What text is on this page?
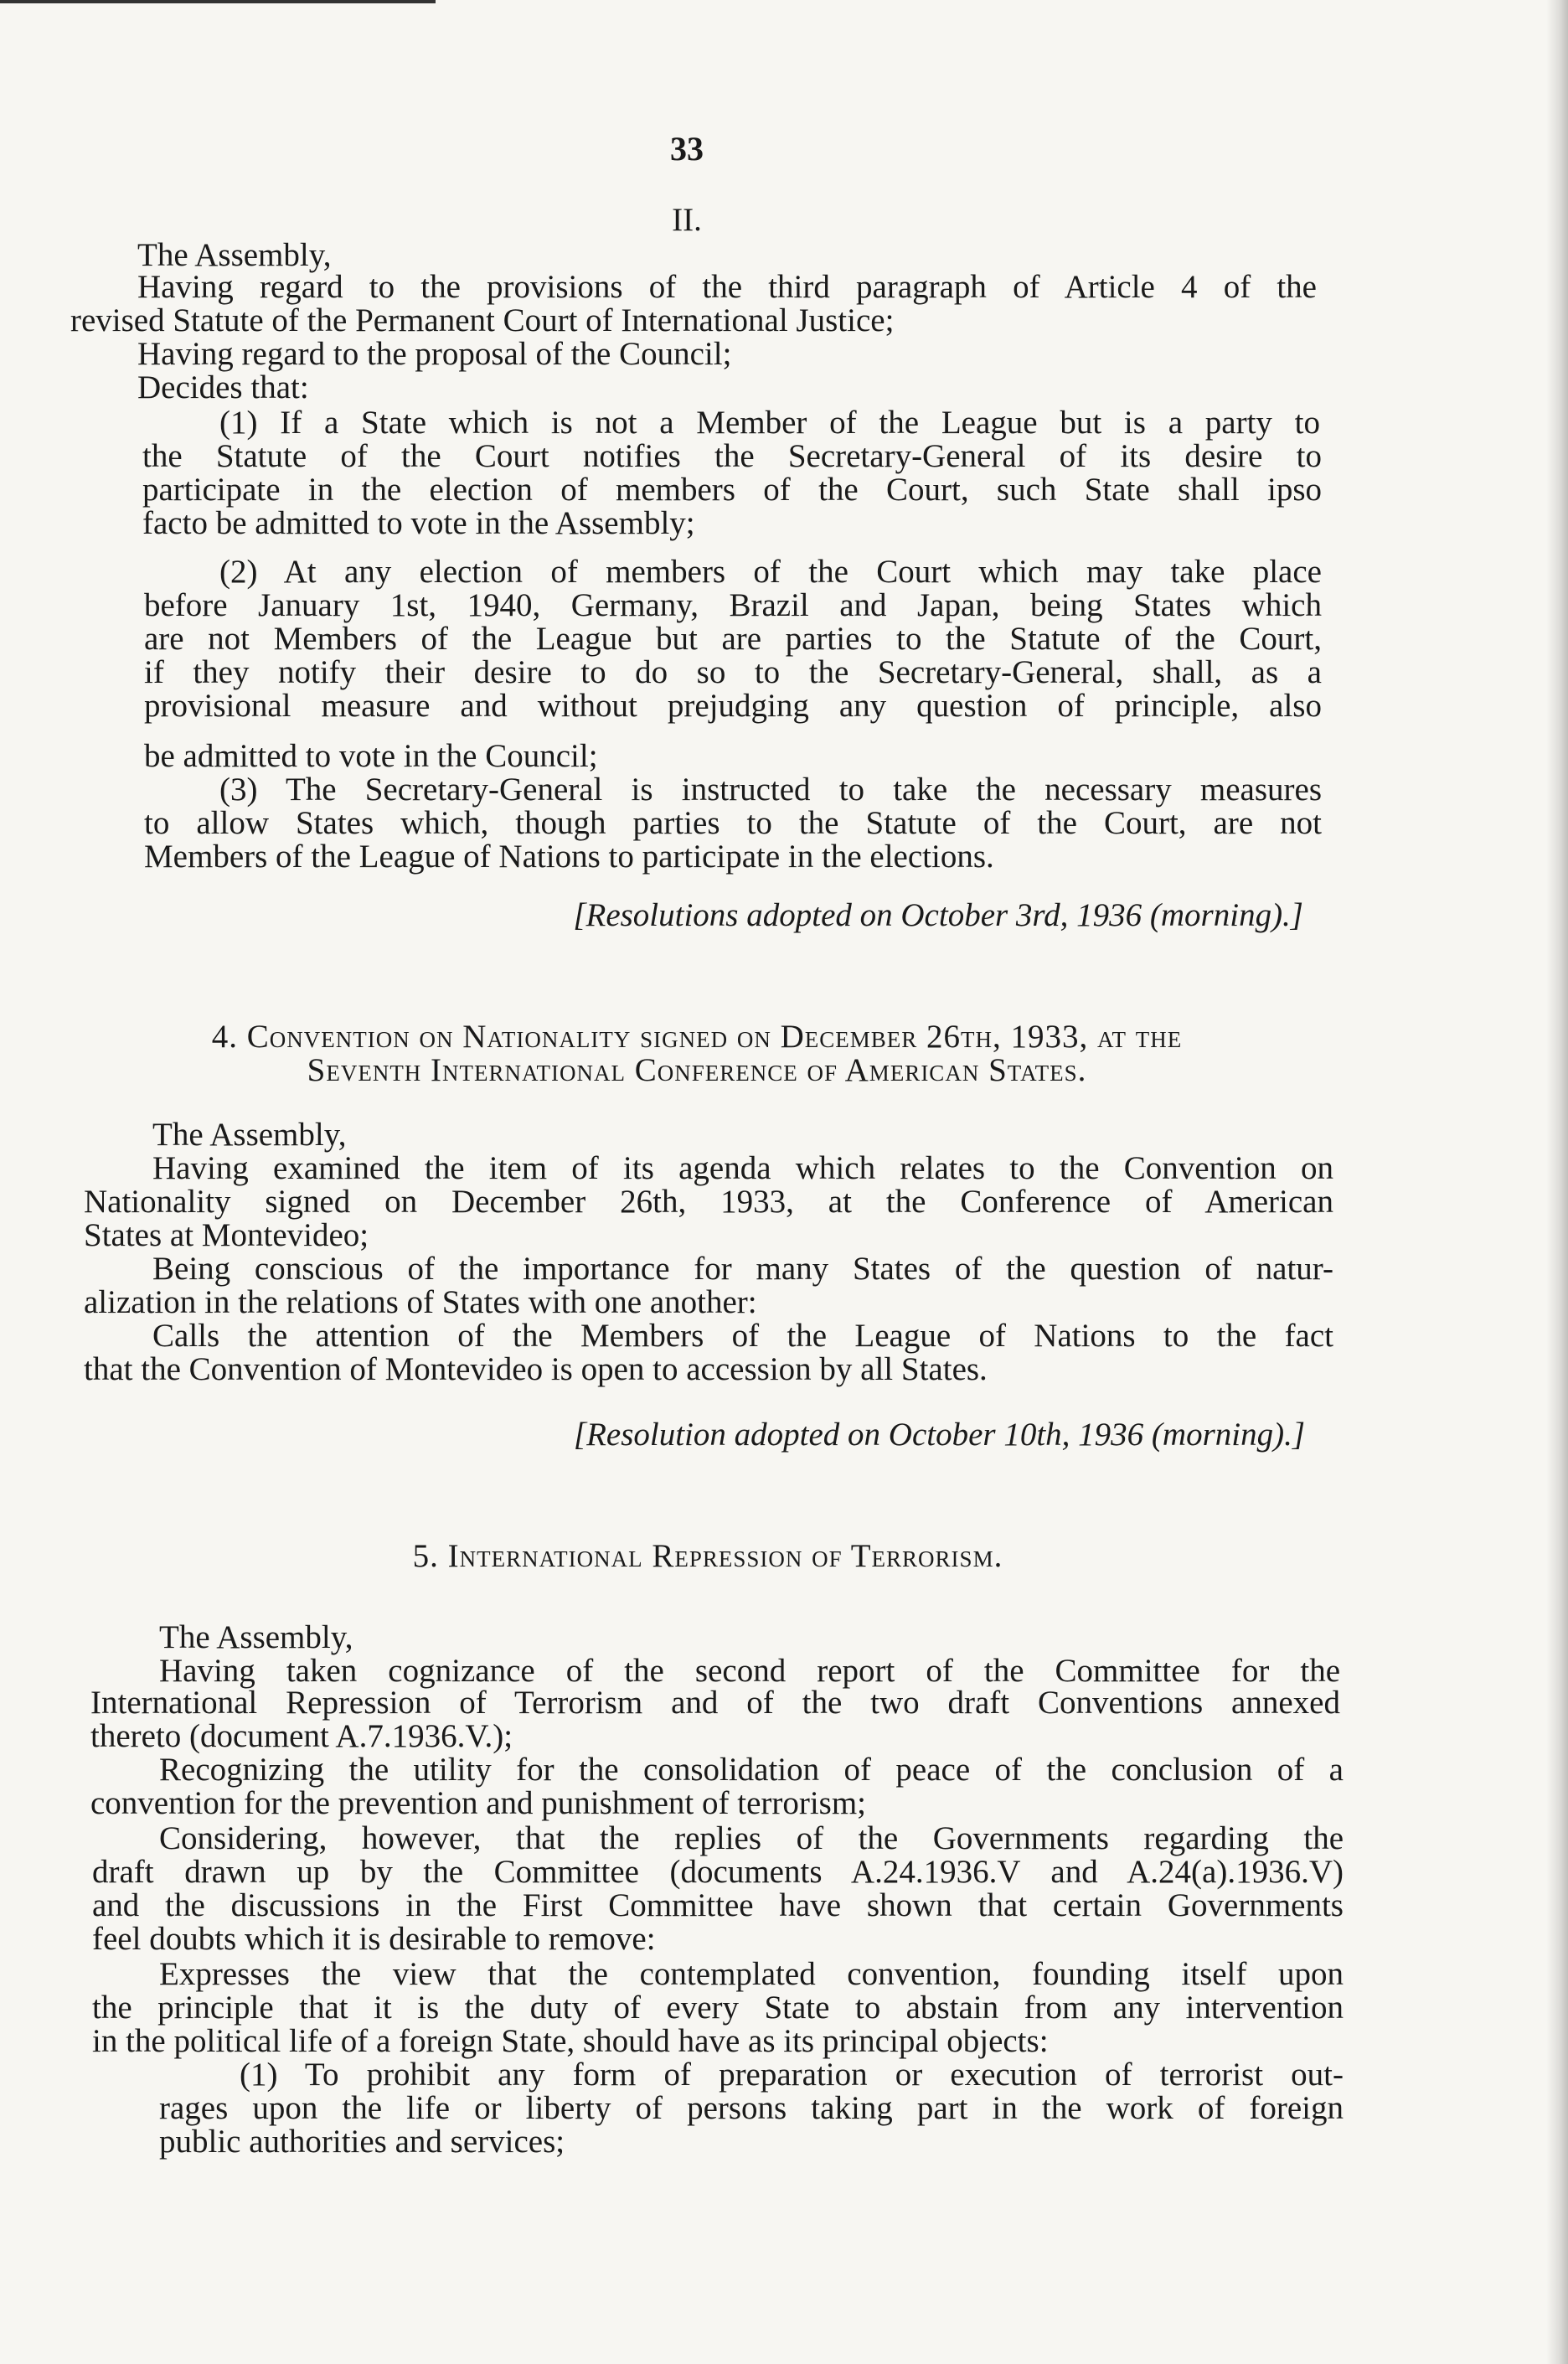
33
II.
The Assembly,
Having regard to the provisions of the third paragraph of Article 4 of the
revised Statute of the Permanent Court of International Justice;
Having regard to the proposal of the Council;
Decides that:
(1) If a State which is not a Member of the League but is a party to
the Statute of the Court notifies the Secretary-General of its desire to
participate in the election of members of the Court, such State shall ipso
facto be admitted to vote in the Assembly;
(2) At any election of members of the Court which may take place
before January 1st, 1940, Germany, Brazil and Japan, being States which
are not Members of the League but are parties to the Statute of the Court,
if they notify their desire to do so to the Secretary-General, shall, as a
provisional measure and without prejudging any question of principle, also
be admitted to vote in the Council;
(3) The Secretary-General is instructed to take the necessary measures
to allow States which, though parties to the Statute of the Court, are not
Members of the League of Nations to participate in the elections.
[Resolutions adopted on October 3rd, 1936 (morning).]
4. Convention on Nationality signed on December 26th, 1933, at the
Seventh International Conference of American States.
The Assembly,
Having examined the item of its agenda which relates to the Convention on
Nationality signed on December 26th, 1933, at the Conference of American
States at Montevideo;
Being conscious of the importance for many States of the question of natur-
alization in the relations of States with one another:
Calls the attention of the Members of the League of Nations to the fact
that the Convention of Montevideo is open to accession by all States.
[Resolution adopted on October 10th, 1936 (morning).]
5. International Repression of Terrorism.
The Assembly,
Having taken cognizance of the second report of the Committee for the
International Repression of Terrorism and of the two draft Conventions annexed
thereto (document A.7.1936.V.);
Recognizing the utility for the consolidation of peace of the conclusion of a
convention for the prevention and punishment of terrorism;
Considering, however, that the replies of the Governments regarding the
draft drawn up by the Committee (documents A.24.1936.V and A.24(a).1936.V)
and the discussions in the First Committee have shown that certain Governments
feel doubts which it is desirable to remove:
Expresses the view that the contemplated convention, founding itself upon
the principle that it is the duty of every State to abstain from any intervention
in the political life of a foreign State, should have as its principal objects:
(1) To prohibit any form of preparation or execution of terrorist out-
rages upon the life or liberty of persons taking part in the work of foreign
public authorities and services;
